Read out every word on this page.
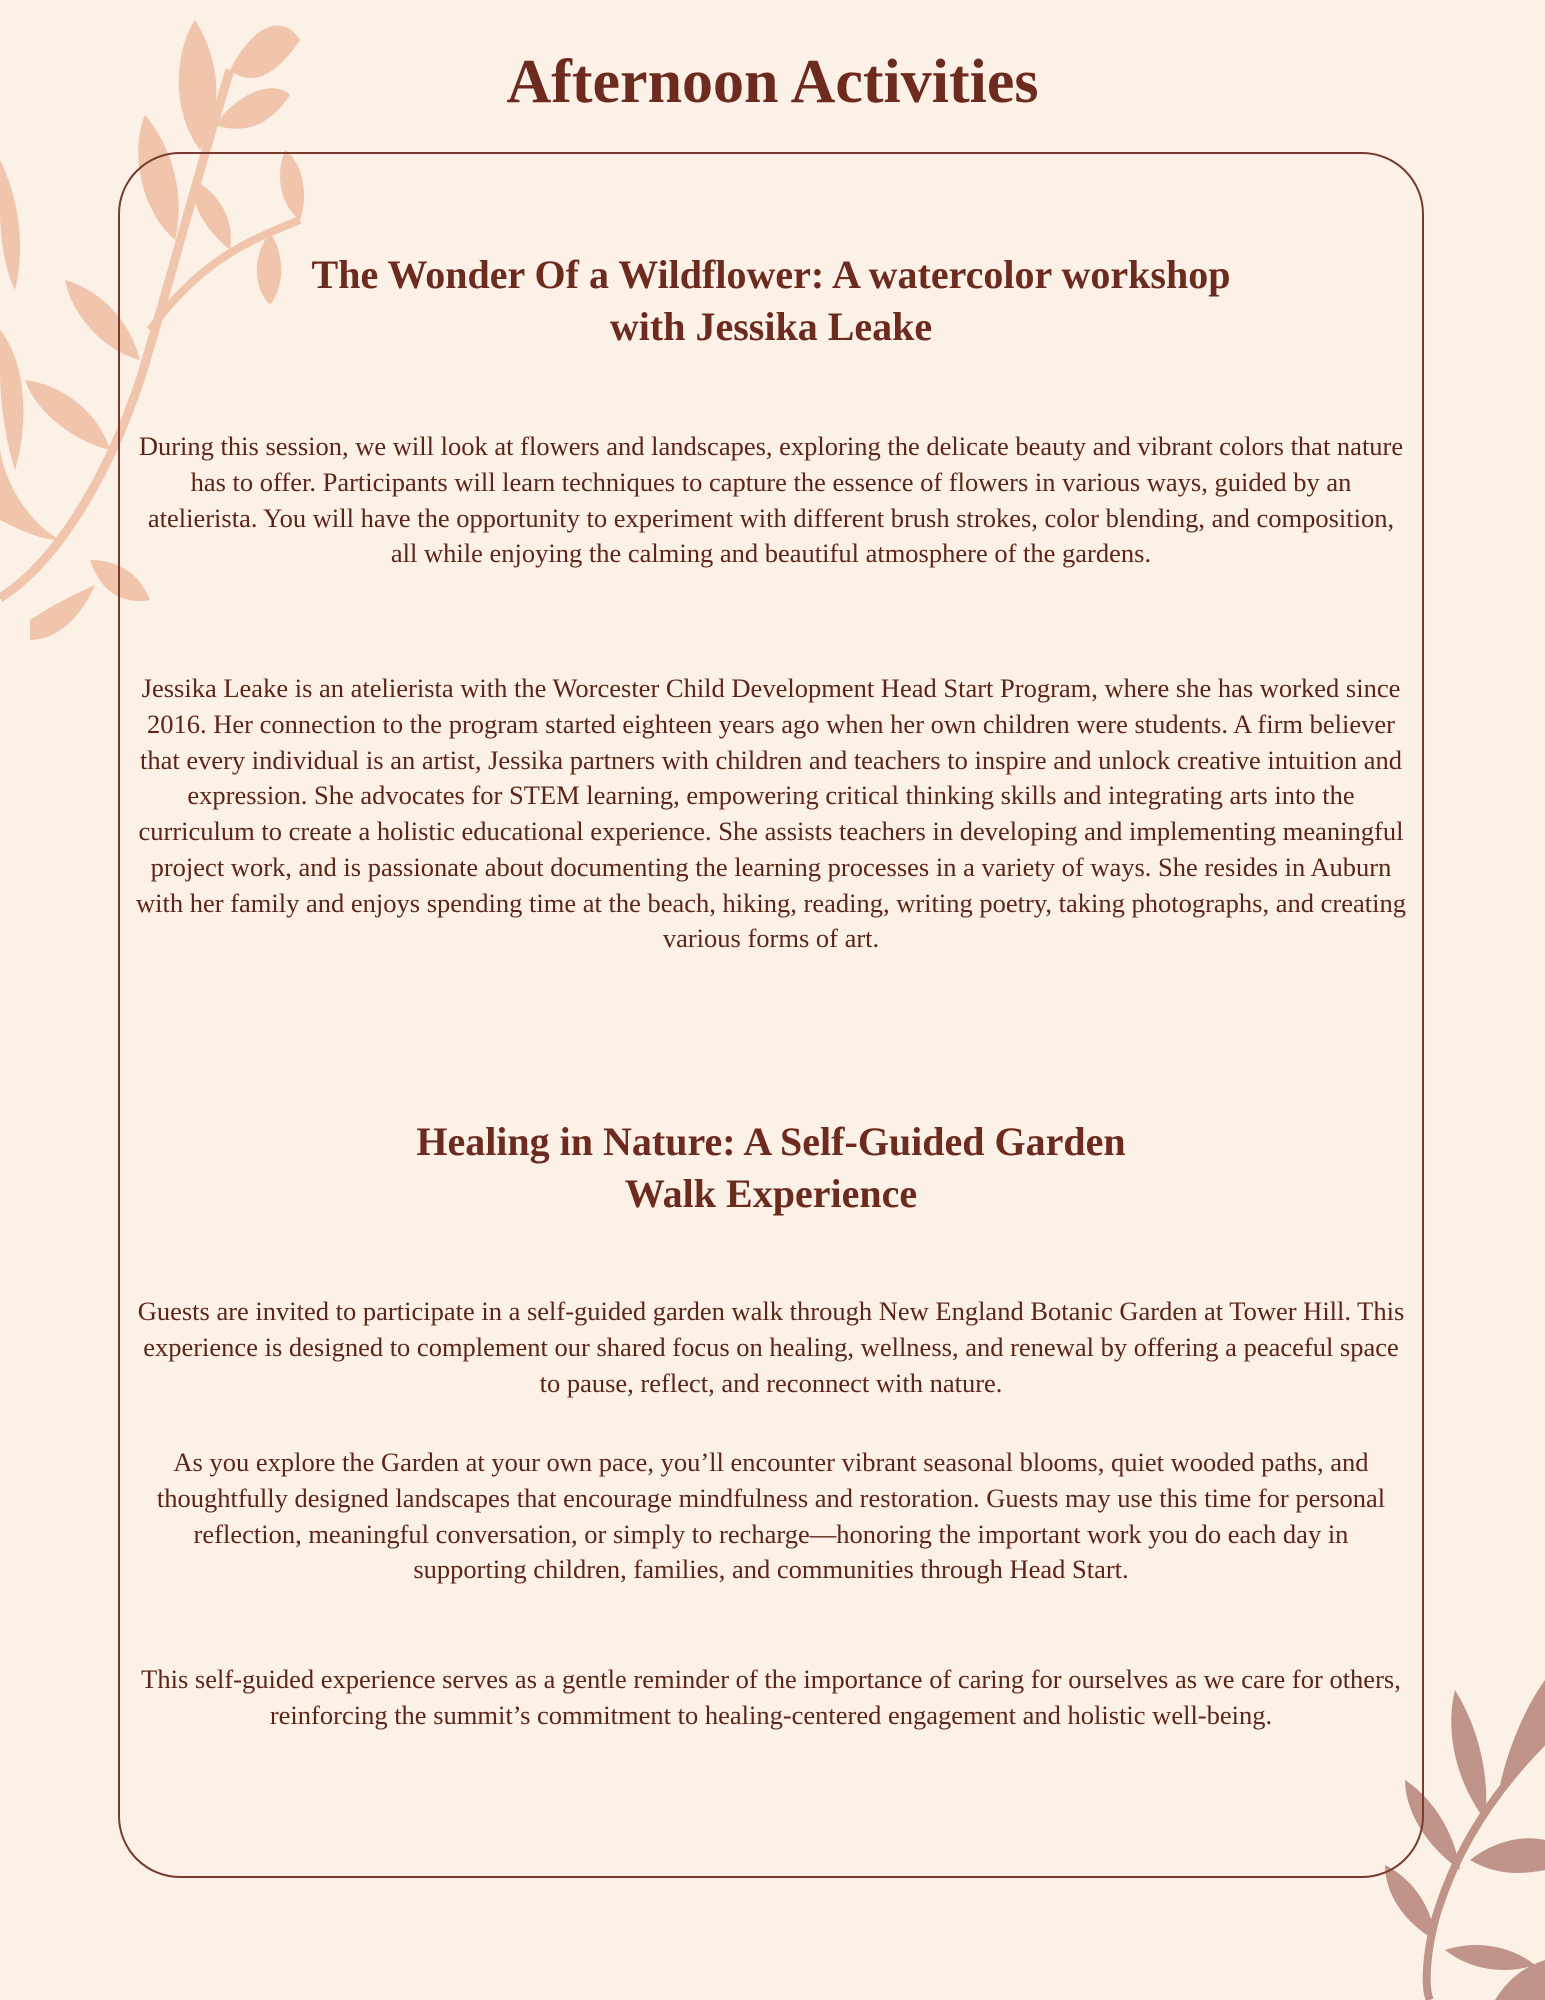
Afternoon Activities
The Wonder Of a Wildflower: A watercolor workshop
with Jessika Leake

During this session, we will look at flowers and landscapes, exploring the delicate beauty and vibrant colors that nature has to offer. Participants will learn techniques to capture the essence of flowers in various ways, guided by an atelierista. You will have the opportunity to experiment with different brush strokes, color blending, and composition, all while enjoying the calming and beautiful atmosphere of the gardens.

Jessika Leake is an atelierista with the Worcester Child Development Head Start Program, where she has worked since 2016. Her connection to the program started eighteen years ago when her own children were students. A firm believer that every individual is an artist, Jessika partners with children and teachers to inspire and unlock creative intuition and expression. She advocates for STEM learning, empowering critical thinking skills and integrating arts into the curriculum to create a holistic educational experience. She assists teachers in developing and implementing meaningful project work, and is passionate about documenting the learning processes in a variety of ways. She resides in Auburn with her family and enjoys spending time at the beach, hiking, reading, writing poetry, taking photographs, and creating various forms of art.

Healing in Nature: A Self-Guided Garden
Walk Experience

Guests are invited to participate in a self-guided garden walk through New England Botanic Garden at Tower Hill. This experience is designed to complement our shared focus on healing, wellness, and renewal by offering a peaceful space to pause, reflect, and reconnect with nature.

As you explore the Garden at your own pace, you’ll encounter vibrant seasonal blooms, quiet wooded paths, and thoughtfully designed landscapes that encourage mindfulness and restoration. Guests may use this time for personal reflection, meaningful conversation, or simply to recharge—honoring the important work you do each day in supporting children, families, and communities through Head Start.

This self-guided experience serves as a gentle reminder of the importance of caring for ourselves as we care for others, reinforcing the summit’s commitment to healing-centered engagement and holistic well-being.
